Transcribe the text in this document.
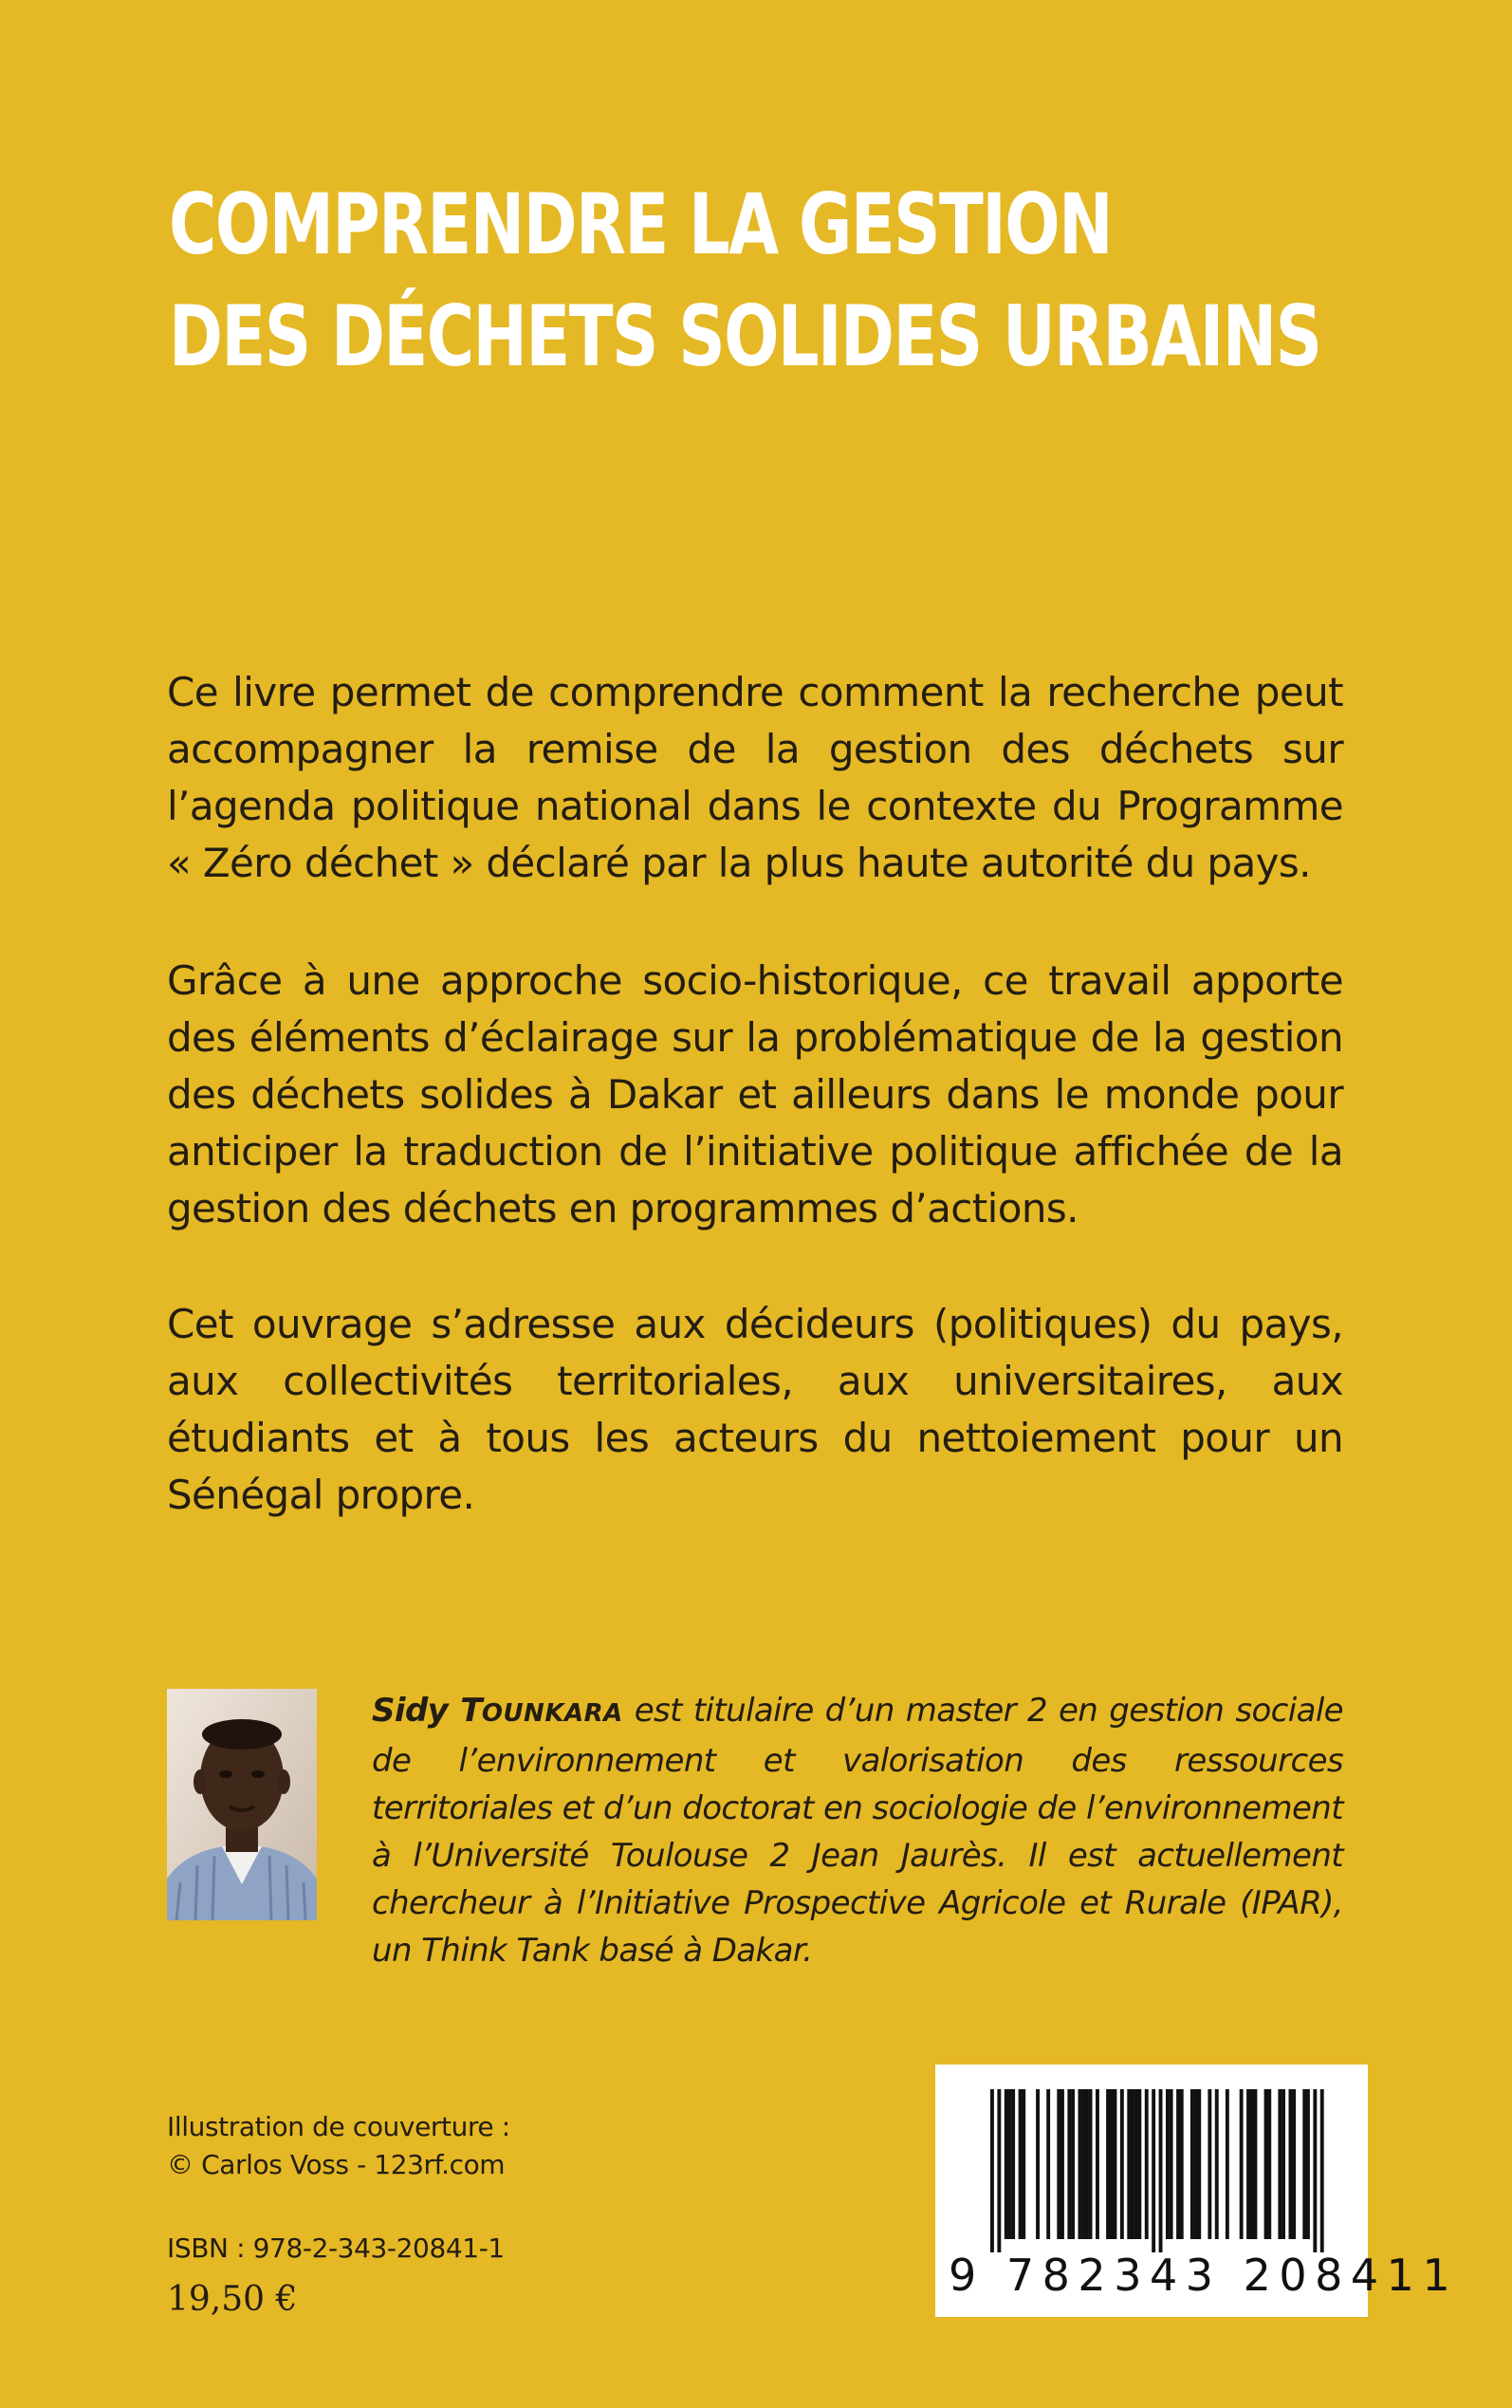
COMPRENDRE LA GESTION
DES DÉCHETS SOLIDES URBAINS
Ce livre permet de comprendre comment la recherche peut accompagner la remise de la gestion des déchets sur l’agenda politique national dans le contexte du Programme « Zéro déchet » déclaré par la plus haute autorité du pays.
Grâce à une approche socio-historique, ce travail apporte des éléments d’éclairage sur la problématique de la gestion des déchets solides à Dakar et ailleurs dans le monde pour anticiper la traduction de l’initiative politique affichée de la gestion des déchets en programmes d’actions.
Cet ouvrage s’adresse aux décideurs (politiques) du pays, aux collectivités territoriales, aux universitaires, aux étudiants et à tous les acteurs du nettoiement pour un Sénégal propre.
Sidy TOUNKARA est titulaire d’un master 2 en gestion sociale de l’environnement et valorisation des ressources territoriales et d’un doctorat en sociologie de l’environnement à l’Université Toulouse 2 Jean Jaurès. Il est actuellement chercheur à l’Initiative Prospective Agricole et Rurale (IPAR), un Think Tank basé à Dakar.
Illustration de couverture :
© Carlos Voss - 123rf.com
ISBN : 978-2-343-20841-1
19,50 €	9 782343 208411
